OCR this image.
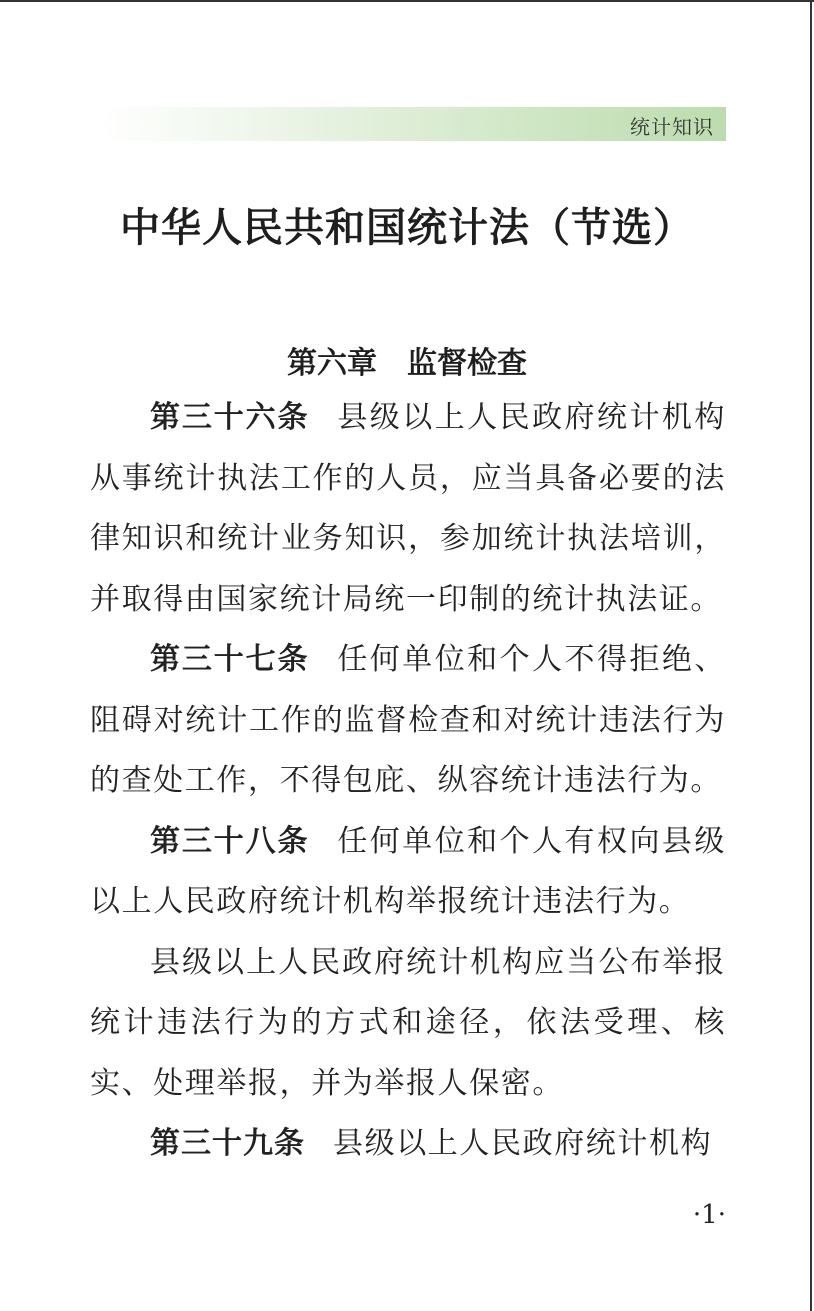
统计知识
中华人民共和国统计法（节选）
第六章 监督检查

第三十六条 县级以上人民政府统计机构从事统计执法工作的人员，应当具备必要的法律知识和统计业务知识，参加统计执法培训，并取得由国家统计局统一印制的统计执法证。

第三十七条 任何单位和个人不得拒绝、阻碍对统计工作的监督检查和对统计违法行为的查处工作，不得包庇、纵容统计违法行为。

第三十八条 任何单位和个人有权向县级以上人民政府统计机构举报统计违法行为。

县级以上人民政府统计机构应当公布举报统计违法行为的方式和途径，依法受理、核实、处理举报，并为举报人保密。

第三十九条 县级以上人民政府统计机构

·1·
